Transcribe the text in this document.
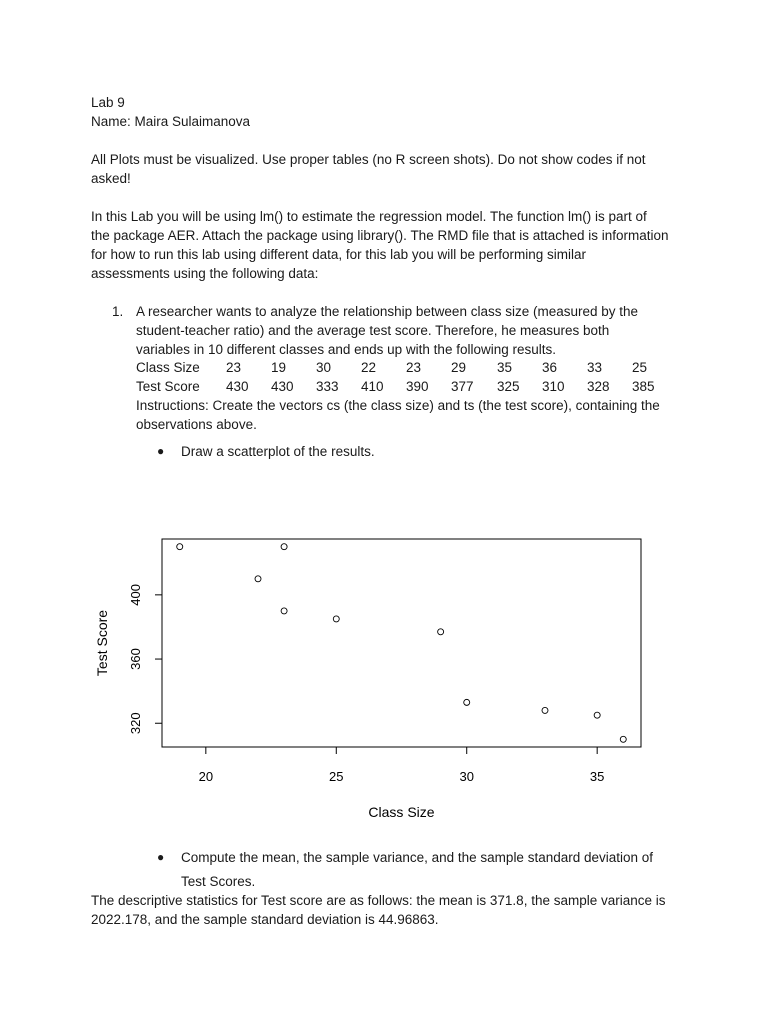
Lab 9
Name: Maira Sulaimanova
All Plots must be visualized. Use proper tables (no R screen shots). Do not show codes if not
asked!
In this Lab you will be using lm() to estimate the regression model. The function lm() is part of
the package AER. Attach the package using library(). The RMD file that is attached is information
for how to run this lab using different data, for this lab you will be performing similar
assessments using the following data:
1. A researcher wants to analyze the relationship between class size (measured by the
student-teacher ratio) and the average test score. Therefore, he measures both
variables in 10 different classes and ends up with the following results.
Class Size 23 19 30 22 23 29 35 36 33 25
Test Score 430 430 333 410 390 377 325 310 328 385
Instructions: Create the vectors cs (the class size) and ts (the test score), containing the
observations above.
● Draw a scatterplot of the results.
20	25	30	35
320
360
400
Class Size
Test Score
● Compute the mean, the sample variance, and the sample standard deviation of
Test Scores.
The descriptive statistics for Test score are as follows: the mean is 371.8, the sample variance is
2022.178, and the sample standard deviation is 44.96863.
